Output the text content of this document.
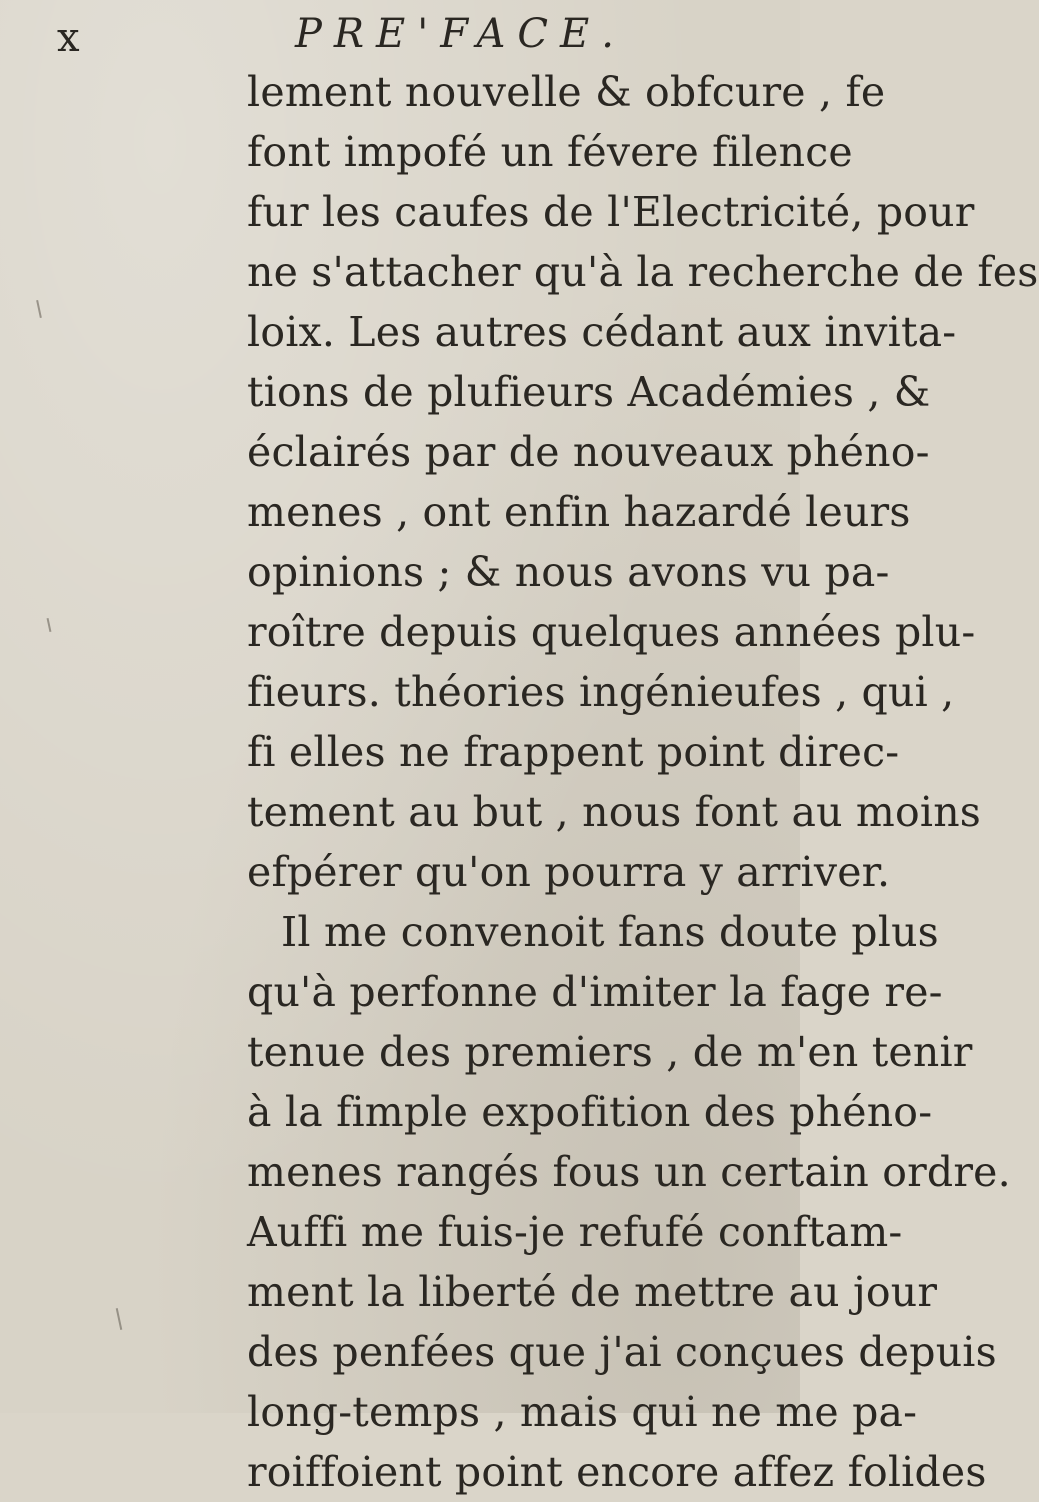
x	PRE'FACE.
lement nouvelle & obfcure , fe
font impofé un févere filence
fur les caufes de l'Electricité, pour
ne s'attacher qu'à la recherche de fes
loix. Les autres cédant aux invita-
tions de plufieurs Académies , &
éclairés par de nouveaux phéno-
menes , ont enfin hazardé leurs
opinions ; & nous avons vu pa-
roître depuis quelques années plu-
fieurs. théories ingénieufes , qui ,
fi elles ne frappent point direc-
tement au but , nous font au moins
efpérer qu'on pourra y arriver.
Il me convenoit fans doute plus
qu'à perfonne d'imiter la fage re-
tenue des premiers , de m'en tenir
à la fimple expofition des phéno-
menes rangés fous un certain ordre.
Auffi me fuis-je refufé conftam-
ment la liberté de mettre au jour
des penfées que j'ai conçues depuis
long-temps , mais qui ne me pa-
roiffoient point encore affez folides
